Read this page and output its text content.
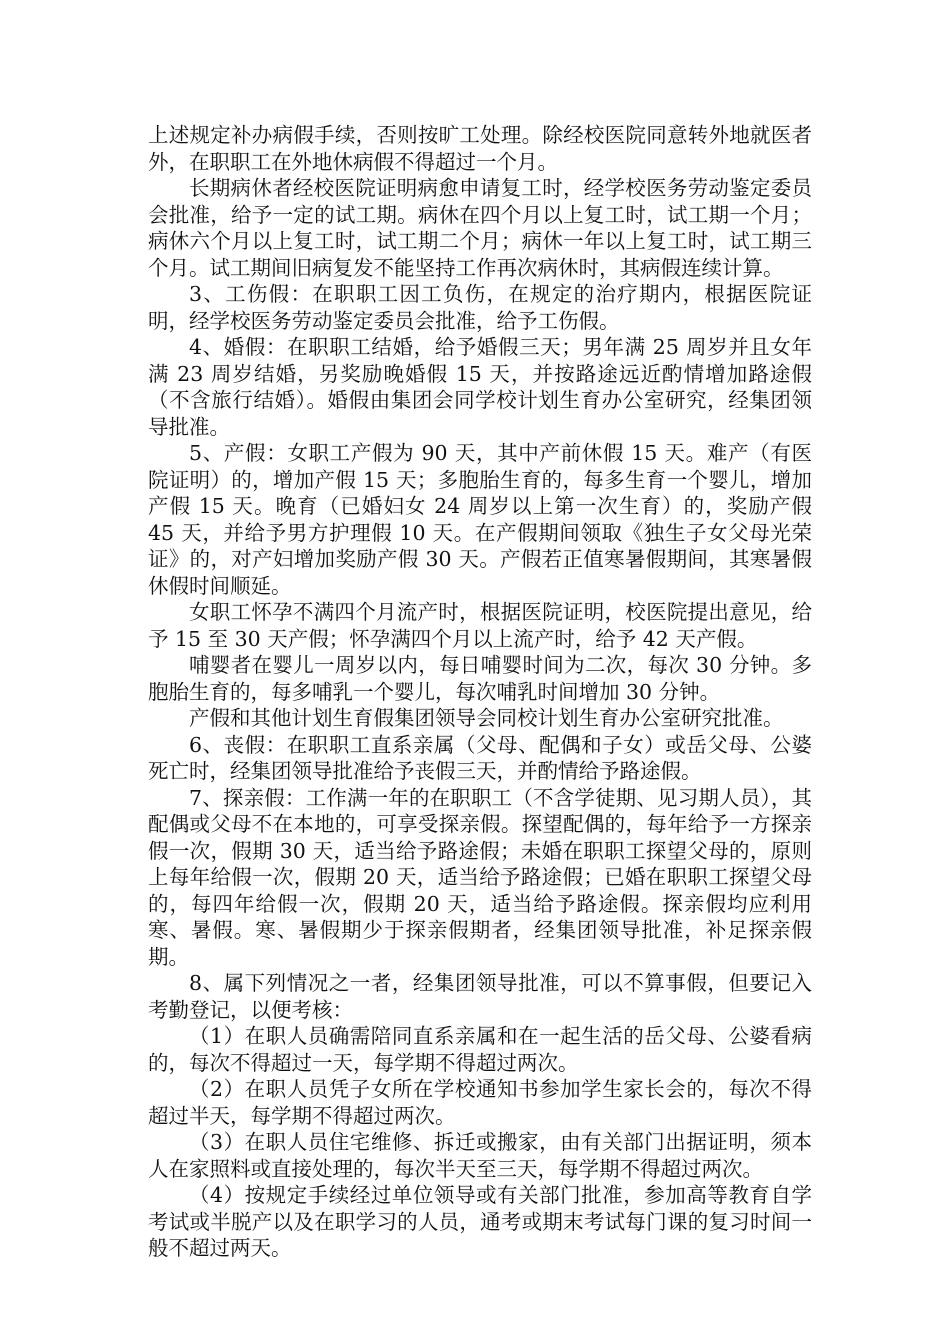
上述规定补办病假手续，否则按旷工处理。除经校医院同意转外地就医者外，在职职工在外地休病假不得超过一个月。

长期病休者经校医院证明病愈申请复工时，经学校医务劳动鉴定委员会批准，给予一定的试工期。病休在四个月以上复工时，试工期一个月；病休六个月以上复工时，试工期二个月；病休一年以上复工时，试工期三个月。试工期间旧病复发不能坚持工作再次病休时，其病假连续计算。

3、工伤假：在职职工因工负伤，在规定的治疗期内，根据医院证明，经学校医务劳动鉴定委员会批准，给予工伤假。

4、婚假：在职职工结婚，给予婚假三天；男年满 25 周岁并且女年满 23 周岁结婚，另奖励晚婚假 15 天，并按路途远近酌情增加路途假（不含旅行结婚）。婚假由集团会同学校计划生育办公室研究，经集团领导批准。

5、产假：女职工产假为 90 天，其中产前休假 15 天。难产（有医院证明）的，增加产假 15 天；多胞胎生育的，每多生育一个婴儿，增加产假 15 天。晚育（已婚妇女 24 周岁以上第一次生育）的，奖励产假 45 天，并给予男方护理假 10 天。在产假期间领取《独生子女父母光荣证》的，对产妇增加奖励产假 30 天。产假若正值寒暑假期间，其寒暑假休假时间顺延。

女职工怀孕不满四个月流产时，根据医院证明，校医院提出意见，给予 15 至 30 天产假；怀孕满四个月以上流产时，给予 42 天产假。

哺婴者在婴儿一周岁以内，每日哺婴时间为二次，每次 30 分钟。多胞胎生育的，每多哺乳一个婴儿，每次哺乳时间增加 30 分钟。

产假和其他计划生育假集团领导会同校计划生育办公室研究批准。

6、丧假：在职职工直系亲属（父母、配偶和子女）或岳父母、公婆死亡时，经集团领导批准给予丧假三天，并酌情给予路途假。

7、探亲假：工作满一年的在职职工（不含学徒期、见习期人员），其配偶或父母不在本地的，可享受探亲假。探望配偶的，每年给予一方探亲假一次，假期 30 天，适当给予路途假；未婚在职职工探望父母的，原则上每年给假一次，假期 20 天，适当给予路途假；已婚在职职工探望父母的，每四年给假一次，假期 20 天，适当给予路途假。探亲假均应利用寒、暑假。寒、暑假期少于探亲假期者，经集团领导批准，补足探亲假期。

8、属下列情况之一者，经集团领导批准，可以不算事假，但要记入考勤登记，以便考核：

（1）在职人员确需陪同直系亲属和在一起生活的岳父母、公婆看病的，每次不得超过一天，每学期不得超过两次。

（2）在职人员凭子女所在学校通知书参加学生家长会的，每次不得超过半天，每学期不得超过两次。

（3）在职人员住宅维修、拆迁或搬家，由有关部门出据证明，须本人在家照料或直接处理的，每次半天至三天，每学期不得超过两次。

（4）按规定手续经过单位领导或有关部门批准，参加高等教育自学考试或半脱产以及在职学习的人员，通考或期末考试每门课的复习时间一般不超过两天。
